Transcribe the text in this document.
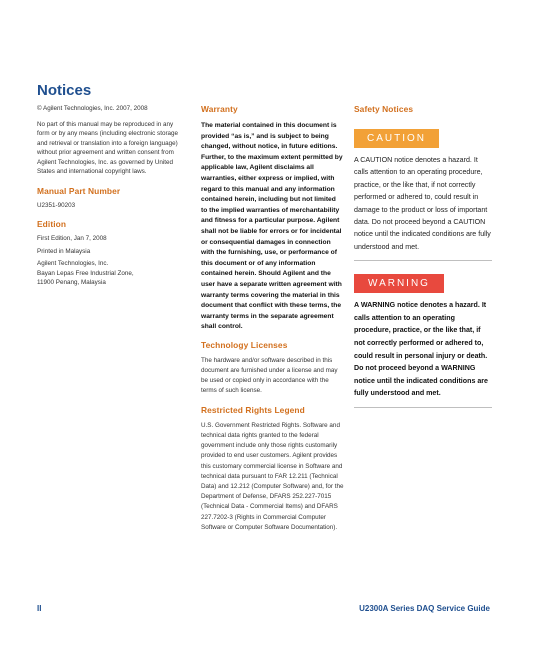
Notices

© Agilent Technologies, Inc. 2007, 2008

No part of this manual may be reproduced in any form or by any means (including electronic storage and retrieval or translation into a foreign language) without prior agreement and written consent from Agilent Technologies, Inc. as governed by United States and international copyright laws.

Manual Part Number

U2351-90203

Edition

First Edition, Jan 7, 2008

Printed in Malaysia

Agilent Technologies, Inc.

Bayan Lepas Free Industrial Zone,

11900 Penang, Malaysia

Warranty

The material contained in this document is provided “as is,” and is subject to being changed, without notice, in future editions. Further, to the maximum extent permitted by applicable law, Agilent disclaims all warranties, either express or implied, with regard to this manual and any information contained herein, including but not limited to the implied warranties of merchantability and fitness for a particular purpose. Agilent shall not be liable for errors or for incidental or consequential damages in connection with the furnishing, use, or performance of this document or of any information contained herein. Should Agilent and the user have a separate written agreement with warranty terms covering the material in this document that conflict with these terms, the warranty terms in the separate agreement shall control.

Technology Licenses

The hardware and/or software described in this document are furnished under a license and may be used or copied only in accordance with the terms of such license.

Restricted Rights Legend

U.S. Government Restricted Rights. Software and technical data rights granted to the federal government include only those rights customarily provided to end user customers. Agilent provides this customary commercial license in Software and technical data pursuant to FAR 12.211 (Technical Data) and 12.212 (Computer Software) and, for the Department of Defense, DFARS 252.227-7015 (Technical Data - Commercial Items) and DFARS 227.7202-3 (Rights in Commercial Computer Software or Computer Software Documentation).

Safety Notices
CAUTION

A CAUTION notice denotes a hazard. It calls attention to an operating procedure, practice, or the like that, if not correctly performed or adhered to, could result in damage to the product or loss of important data. Do not proceed beyond a CAUTION notice until the indicated conditions are fully understood and met.

WARNING

A WARNING notice denotes a hazard. It calls attention to an operating procedure, practice, or the like that, if not correctly performed or adhered to, could result in personal injury or death. Do not proceed beyond a WARNING notice until the indicated conditions are fully understood and met.

II	U2300A Series DAQ Service Guide
